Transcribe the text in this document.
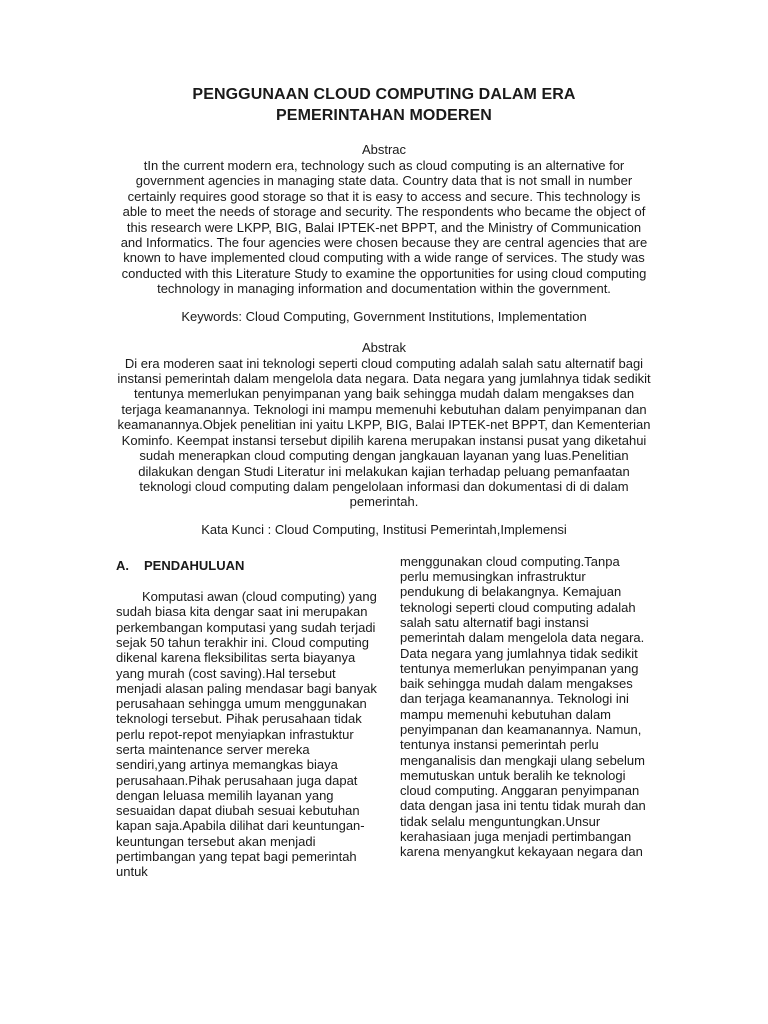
PENGGUNAAN CLOUD COMPUTING DALAM ERA
PEMERINTAHAN MODEREN
Abstrac

tIn the current modern era, technology such as cloud computing is an alternative for government agencies in managing state data. Country data that is not small in number certainly requires good storage so that it is easy to access and secure. This technology is able to meet the needs of storage and security. The respondents who became the object of this research were LKPP, BIG, Balai IPTEK-net BPPT, and the Ministry of Communication and Informatics. The four agencies were chosen because they are central agencies that are known to have implemented cloud computing with a wide range of services. The study was conducted with this Literature Study to examine the opportunities for using cloud computing technology in managing information and documentation within the government.

Keywords: Cloud Computing, Government Institutions, Implementation
Abstrak

Di era moderen saat ini teknologi seperti cloud computing adalah salah satu alternatif bagi instansi pemerintah dalam mengelola data negara. Data negara yang jumlahnya tidak sedikit tentunya memerlukan penyimpanan yang baik sehingga mudah dalam mengakses dan terjaga keamanannya. Teknologi ini mampu memenuhi kebutuhan dalam penyimpanan dan keamanannya.Objek penelitian ini yaitu LKPP, BIG, Balai IPTEK-net BPPT, dan Kementerian Kominfo. Keempat instansi tersebut dipilih karena merupakan instansi pusat yang diketahui sudah menerapkan cloud computing dengan jangkauan layanan yang luas.Penelitian dilakukan dengan Studi Literatur ini melakukan kajian terhadap peluang pemanfaatan teknologi cloud computing dalam pengelolaan informasi dan dokumentasi di di dalam pemerintah.

Kata Kunci : Cloud Computing, Institusi Pemerintah,Implemensi
A. PENDAHULUAN

Komputasi awan (cloud computing) yang sudah biasa kita dengar saat ini merupakan perkembangan komputasi yang sudah terjadi sejak 50 tahun terakhir ini. Cloud computing dikenal karena fleksibilitas serta biayanya yang murah (cost saving).Hal tersebut menjadi alasan paling mendasar bagi banyak perusahaan sehingga umum menggunakan teknologi tersebut. Pihak perusahaan tidak perlu repot-repot menyiapkan infrastuktur serta maintenance server mereka sendiri,yang artinya memangkas biaya perusahaan.Pihak perusahaan juga dapat dengan leluasa memilih layanan yang sesuaidan dapat diubah sesuai kebutuhan kapan saja.Apabila dilihat dari keuntungan-keuntungan tersebut akan menjadi pertimbangan yang tepat bagi pemerintah untuk

menggunakan cloud computing.Tanpa perlu memusingkan infrastruktur pendukung di belakangnya. Kemajuan teknologi seperti cloud computing adalah salah satu alternatif bagi instansi pemerintah dalam mengelola data negara. Data negara yang jumlahnya tidak sedikit tentunya memerlukan penyimpanan yang baik sehingga mudah dalam mengakses dan terjaga keamanannya. Teknologi ini mampu memenuhi kebutuhan dalam penyimpanan dan keamanannya. Namun, tentunya instansi pemerintah perlu menganalisis dan mengkaji ulang sebelum memutuskan untuk beralih ke teknologi cloud computing. Anggaran penyimpanan data dengan jasa ini tentu tidak murah dan tidak selalu menguntungkan.Unsur kerahasiaan juga menjadi pertimbangan karena menyangkut kekayaan negara dan
